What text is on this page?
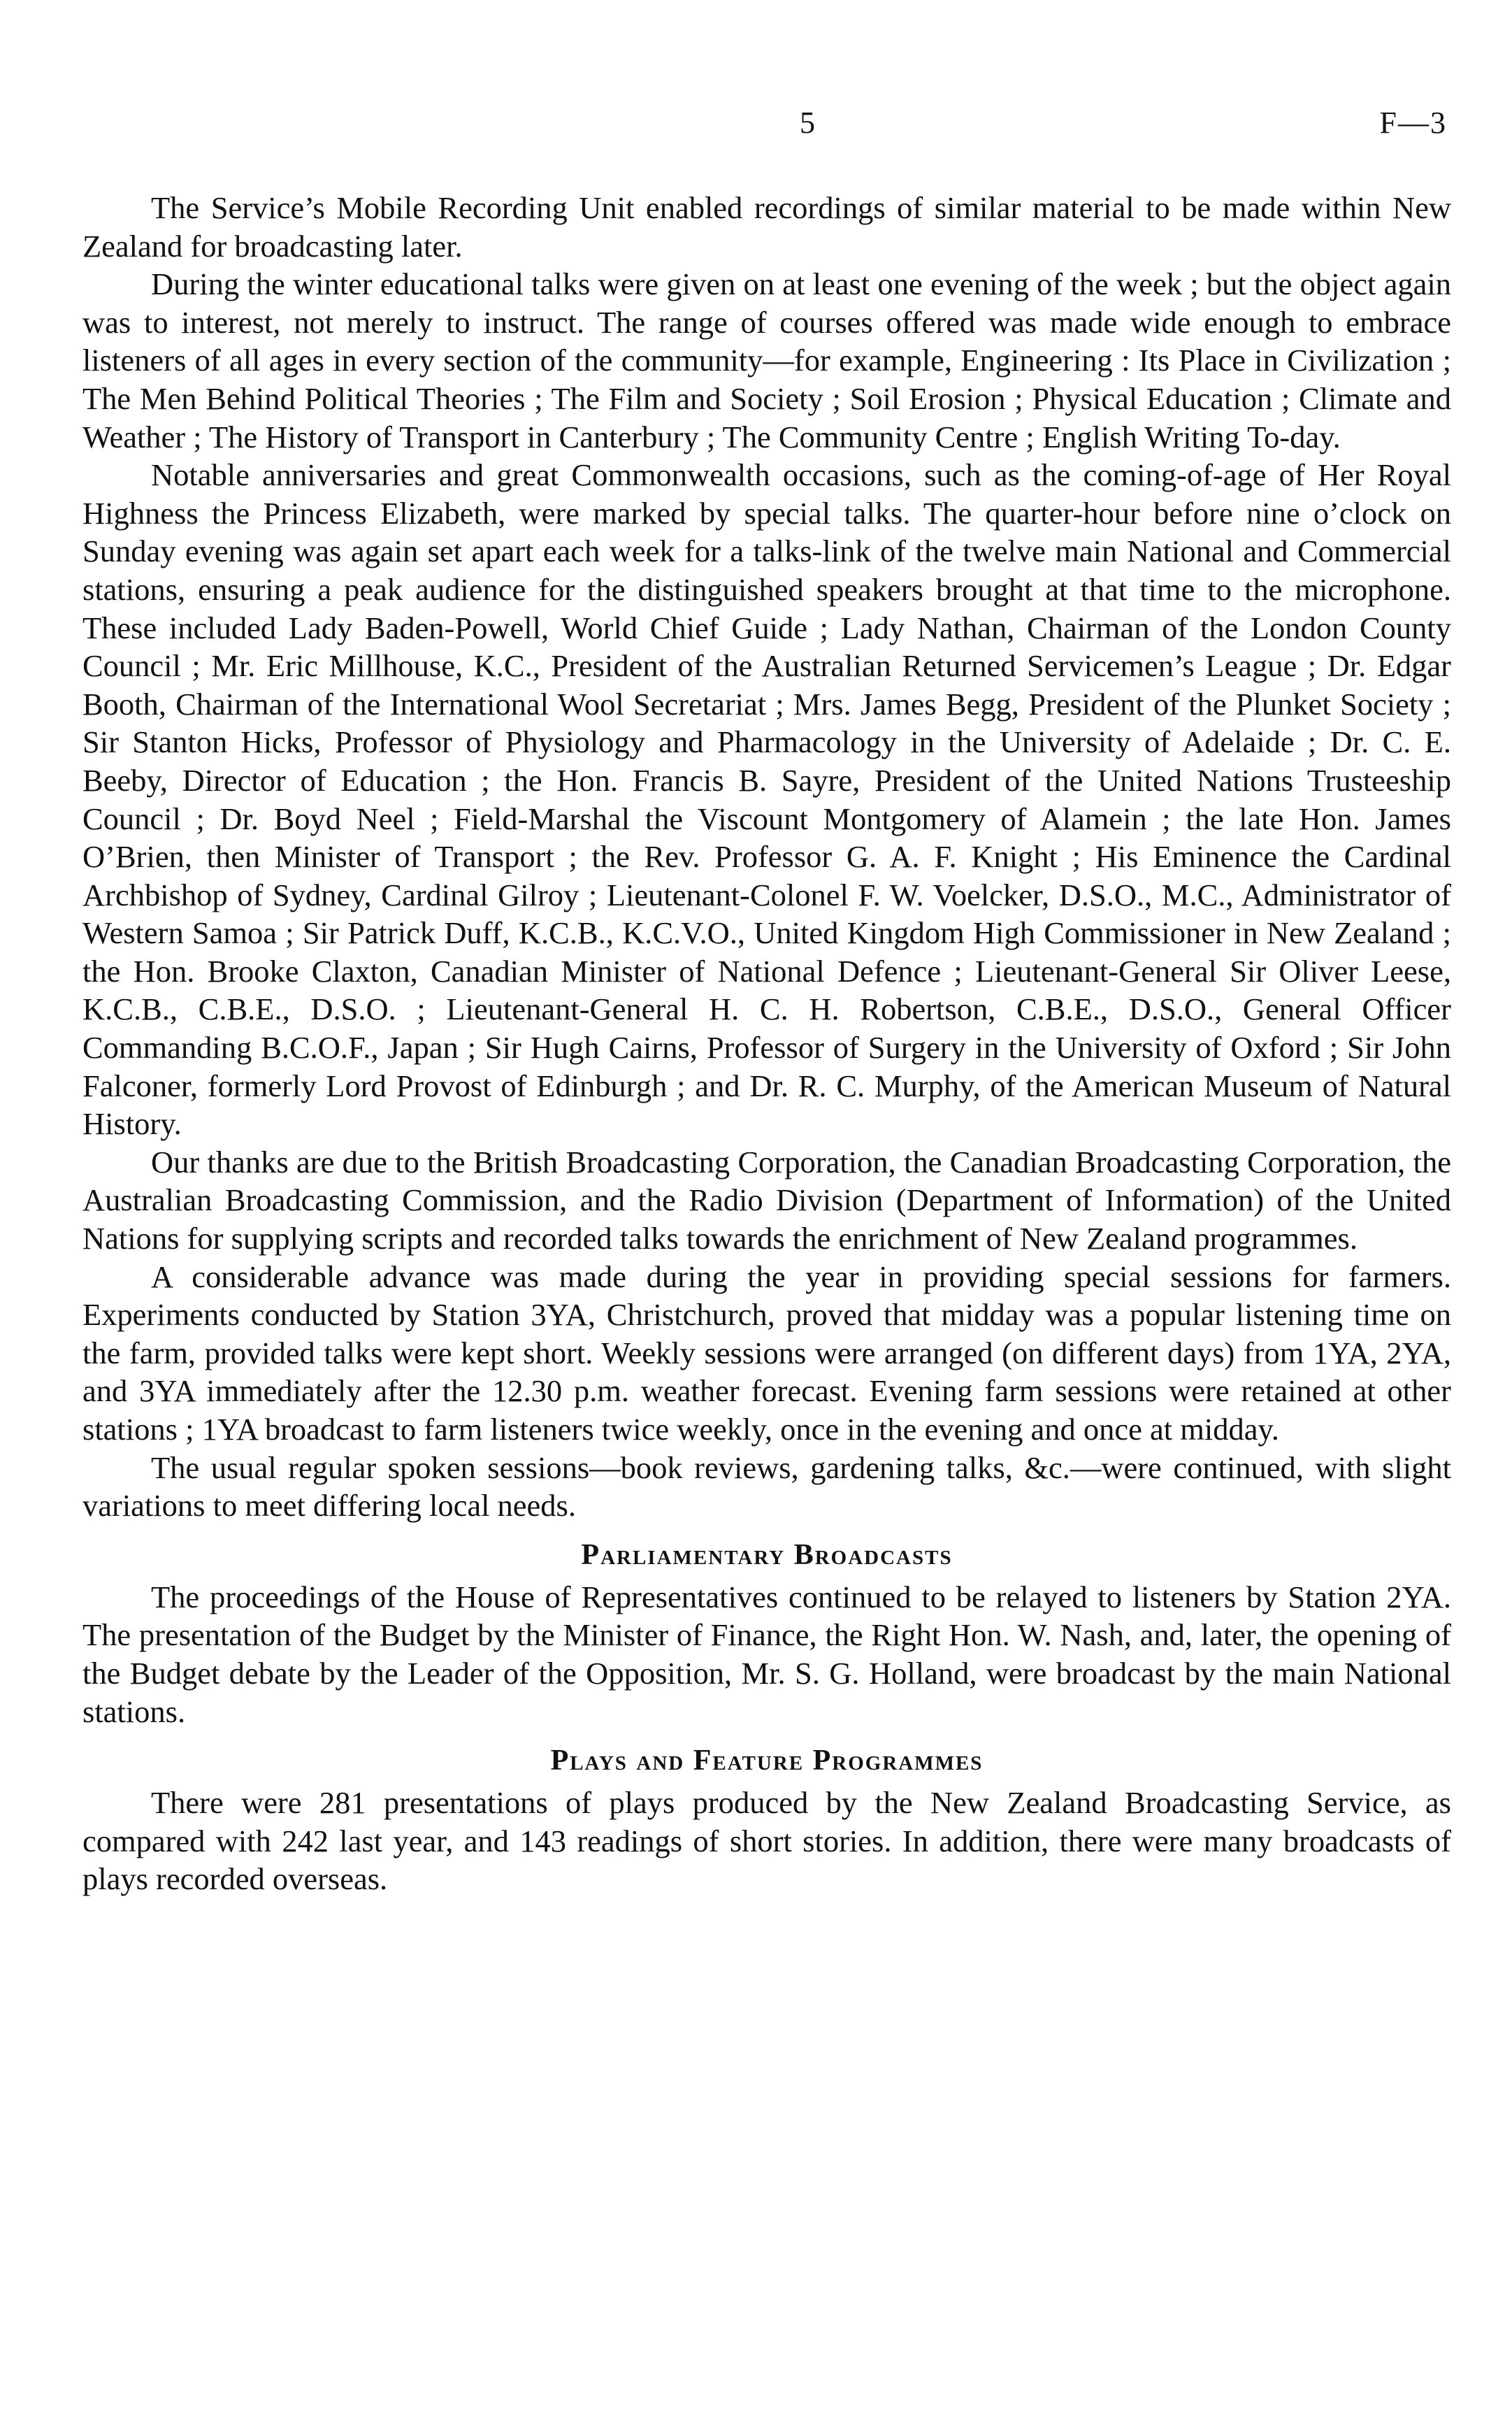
5	F—3

The Service’s Mobile Recording Unit enabled recordings of similar material to be made within New Zealand for broadcasting later.

During the winter educational talks were given on at least one evening of the week ; but the object again was to interest, not merely to instruct. The range of courses offered was made wide enough to embrace listeners of all ages in every section of the community—for example, Engineering : Its Place in Civilization ; The Men Behind Political Theories ; The Film and Society ; Soil Erosion ; Physical Education ; Climate and Weather ; The History of Transport in Canterbury ; The Community Centre ; English Writing To-day.

Notable anniversaries and great Commonwealth occasions, such as the coming-of-age of Her Royal Highness the Princess Elizabeth, were marked by special talks. The quarter-hour before nine o’clock on Sunday evening was again set apart each week for a talks-link of the twelve main National and Commercial stations, ensuring a peak audience for the distinguished speakers brought at that time to the microphone. These included Lady Baden-Powell, World Chief Guide ; Lady Nathan, Chairman of the London County Council ; Mr. Eric Millhouse, K.C., President of the Australian Returned Servicemen’s League ; Dr. Edgar Booth, Chairman of the International Wool Secretariat ; Mrs. James Begg, President of the Plunket Society ; Sir Stanton Hicks, Professor of Physiology and Pharmacology in the University of Adelaide ; Dr. C. E. Beeby, Director of Education ; the Hon. Francis B. Sayre, President of the United Nations Trusteeship Council ; Dr. Boyd Neel ; Field-Marshal the Viscount Montgomery of Alamein ; the late Hon. James O’Brien, then Minister of Transport ; the Rev. Professor G. A. F. Knight ; His Eminence the Cardinal Archbishop of Sydney, Cardinal Gilroy ; Lieutenant-Colonel F. W. Voelcker, D.S.O., M.C., Administrator of Western Samoa ; Sir Patrick Duff, K.C.B., K.C.V.O., United Kingdom High Commissioner in New Zealand ; the Hon. Brooke Claxton, Canadian Minister of National Defence ; Lieutenant-General Sir Oliver Leese, K.C.B., C.B.E., D.S.O. ; Lieutenant-General H. C. H. Robertson, C.B.E., D.S.O., General Officer Commanding B.C.O.F., Japan ; Sir Hugh Cairns, Professor of Surgery in the University of Oxford ; Sir John Falconer, formerly Lord Provost of Edinburgh ; and Dr. R. C. Murphy, of the American Museum of Natural History.

Our thanks are due to the British Broadcasting Corporation, the Canadian Broadcasting Corporation, the Australian Broadcasting Commission, and the Radio Division (Department of Information) of the United Nations for supplying scripts and recorded talks towards the enrichment of New Zealand programmes.

A considerable advance was made during the year in providing special sessions for farmers. Experiments conducted by Station 3YA, Christchurch, proved that midday was a popular listening time on the farm, provided talks were kept short. Weekly sessions were arranged (on different days) from 1YA, 2YA, and 3YA immediately after the 12.30 p.m. weather forecast. Evening farm sessions were retained at other stations ; 1YA broadcast to farm listeners twice weekly, once in the evening and once at midday.

The usual regular spoken sessions—book reviews, gardening talks, &c.—were continued, with slight variations to meet differing local needs.

Parliamentary Broadcasts

The proceedings of the House of Representatives continued to be relayed to listeners by Station 2YA. The presentation of the Budget by the Minister of Finance, the Right Hon. W. Nash, and, later, the opening of the Budget debate by the Leader of the Opposition, Mr. S. G. Holland, were broadcast by the main National stations.

Plays and Feature Programmes

There were 281 presentations of plays produced by the New Zealand Broadcasting Service, as compared with 242 last year, and 143 readings of short stories. In addition, there were many broadcasts of plays recorded overseas.
